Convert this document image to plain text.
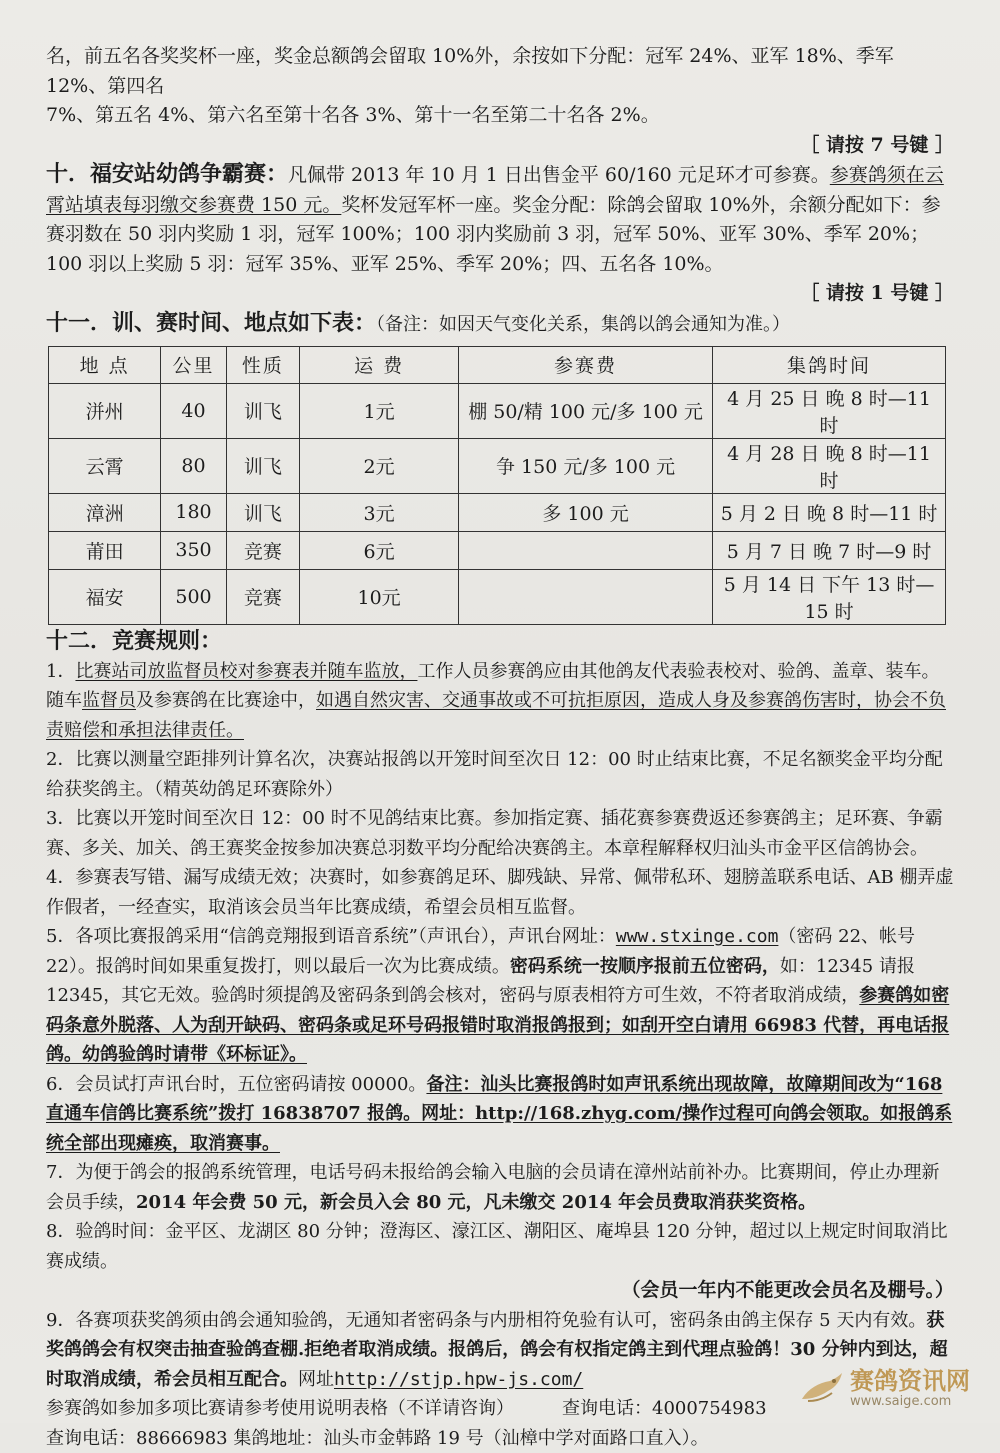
名，前五名各奖奖杯一座，奖金总额鸽会留取 10%外，余按如下分配：冠军 24%、亚军 18%、季军 12%、第四名

7%、第五名 4%、第六名至第十名各 3%、第十一名至第二十名各 2%。

［ 请按 7 号键 ］

十．福安站幼鸽争霸赛：凡佩带 2013 年 10 月 1 日出售金平 60/160 元足环才可参赛。参赛鸽须在云霄站填表每羽缴交参赛费 150 元。奖杯发冠军杯一座。奖金分配：除鸽会留取 10%外，余额分配如下：参赛羽数在 50 羽内奖励 1 羽，冠军 100%；100 羽内奖励前 3 羽，冠军 50%、亚军 30%、季军 20%；100 羽以上奖励 5 羽：冠军 35%、亚军 25%、季军 20%；四、五名各 10%。

［ 请按 1 号键 ］

十一．训、赛时间、地点如下表：（备注：如因天气变化关系，集鸽以鸽会通知为准。）

地 点	公里	性质	运 费	参赛费	集鸽时间
洴州	40	训飞	1元	棚 50/精 100 元/多 100 元	4 月 25 日 晚 8 时—11 时
云霄	80	训飞	2元	争 150 元/多 100 元	4 月 28 日 晚 8 时—11 时
漳洲	180	训飞	3元	多 100 元	5 月 2 日 晚 8 时—11 时
莆田	350	竞赛	6元		5 月 7 日 晚 7 时—9 时
福安	500	竞赛	10元		5 月 14 日 下午 13 时—15 时

十二．竞赛规则：

1．比赛站司放监督员校对参赛表并随车监放，工作人员参赛鸽应由其他鸽友代表验表校对、验鸽、盖章、装车。随车监督员及参赛鸽在比赛途中，如遇自然灾害、交通事故或不可抗拒原因，造成人身及参赛鸽伤害时，协会不负责赔偿和承担法律责任。

2．比赛以测量空距排列计算名次，决赛站报鸽以开笼时间至次日 12：00 时止结束比赛，不足名额奖金平均分配给获奖鸽主。（精英幼鸽足环赛除外）

3．比赛以开笼时间至次日 12：00 时不见鸽结束比赛。参加指定赛、插花赛参赛费返还参赛鸽主；足环赛、争霸赛、多关、加关、鸽王赛奖金按参加决赛总羽数平均分配给决赛鸽主。本章程解释权归汕头市金平区信鸽协会。

4．参赛表写错、漏写成绩无效；决赛时，如参赛鸽足环、脚残缺、异常、佩带私环、翅膀盖联系电话、AB 棚弄虚作假者，一经查实，取消该会员当年比赛成绩，希望会员相互监督。

5．各项比赛报鸽采用“信鸽竞翔报到语音系统”（声讯台），声讯台网址：www.stxinge.com（密码 22、帐号 22）。报鸽时间如果重复拨打，则以最后一次为比赛成绩。密码系统一按顺序报前五位密码，如：12345 请报 12345，其它无效。验鸽时须提鸽及密码条到鸽会核对，密码与原表相符方可生效，不符者取消成绩，参赛鸽如密码条意外脱落、人为刮开缺码、密码条或足环号码报错时取消报鸽报到；如刮开空白请用 66983 代替，再电话报鸽。幼鸽验鸽时请带《环标证》。

6．会员试打声讯台时，五位密码请按 00000。备注：汕头比赛报鸽时如声讯系统出现故障，故障期间改为“168 直通车信鸽比赛系统”拨打 16838707 报鸽。网址：http://168.zhyg.com/操作过程可向鸽会领取。如报鸽系统全部出现瘫痪，取消赛事。

7．为便于鸽会的报鸽系统管理，电话号码未报给鸽会输入电脑的会员请在漳州站前补办。比赛期间，停止办理新会员手续，2014 年会费 50 元，新会员入会 80 元，凡未缴交 2014 年会员费取消获奖资格。

8．验鸽时间：金平区、龙湖区 80 分钟；澄海区、濠江区、潮阳区、庵埠县 120 分钟，超过以上规定时间取消比赛成绩。

（会员一年内不能更改会员名及棚号。）

9．各赛项获奖鸽须由鸽会通知验鸽，无通知者密码条与内册相符免验有认可，密码条由鸽主保存 5 天内有效。获奖鸽鸽会有权突击抽查验鸽查棚.拒绝者取消成绩。报鸽后，鸽会有权指定鸽主到代理点验鸽！30 分钟内到达，超时取消成绩，希会员相互配合。网址http://stjp.hpw-js.com/

参赛鸽如参加多项比赛请参考使用说明表格（不详请咨询）	查询电话：4000754983

查询电话：88666983 集鸽地址：汕头市金韩路 19 号（汕樟中学对面路口直入）。

赛鸽资讯网
www.saige.com
